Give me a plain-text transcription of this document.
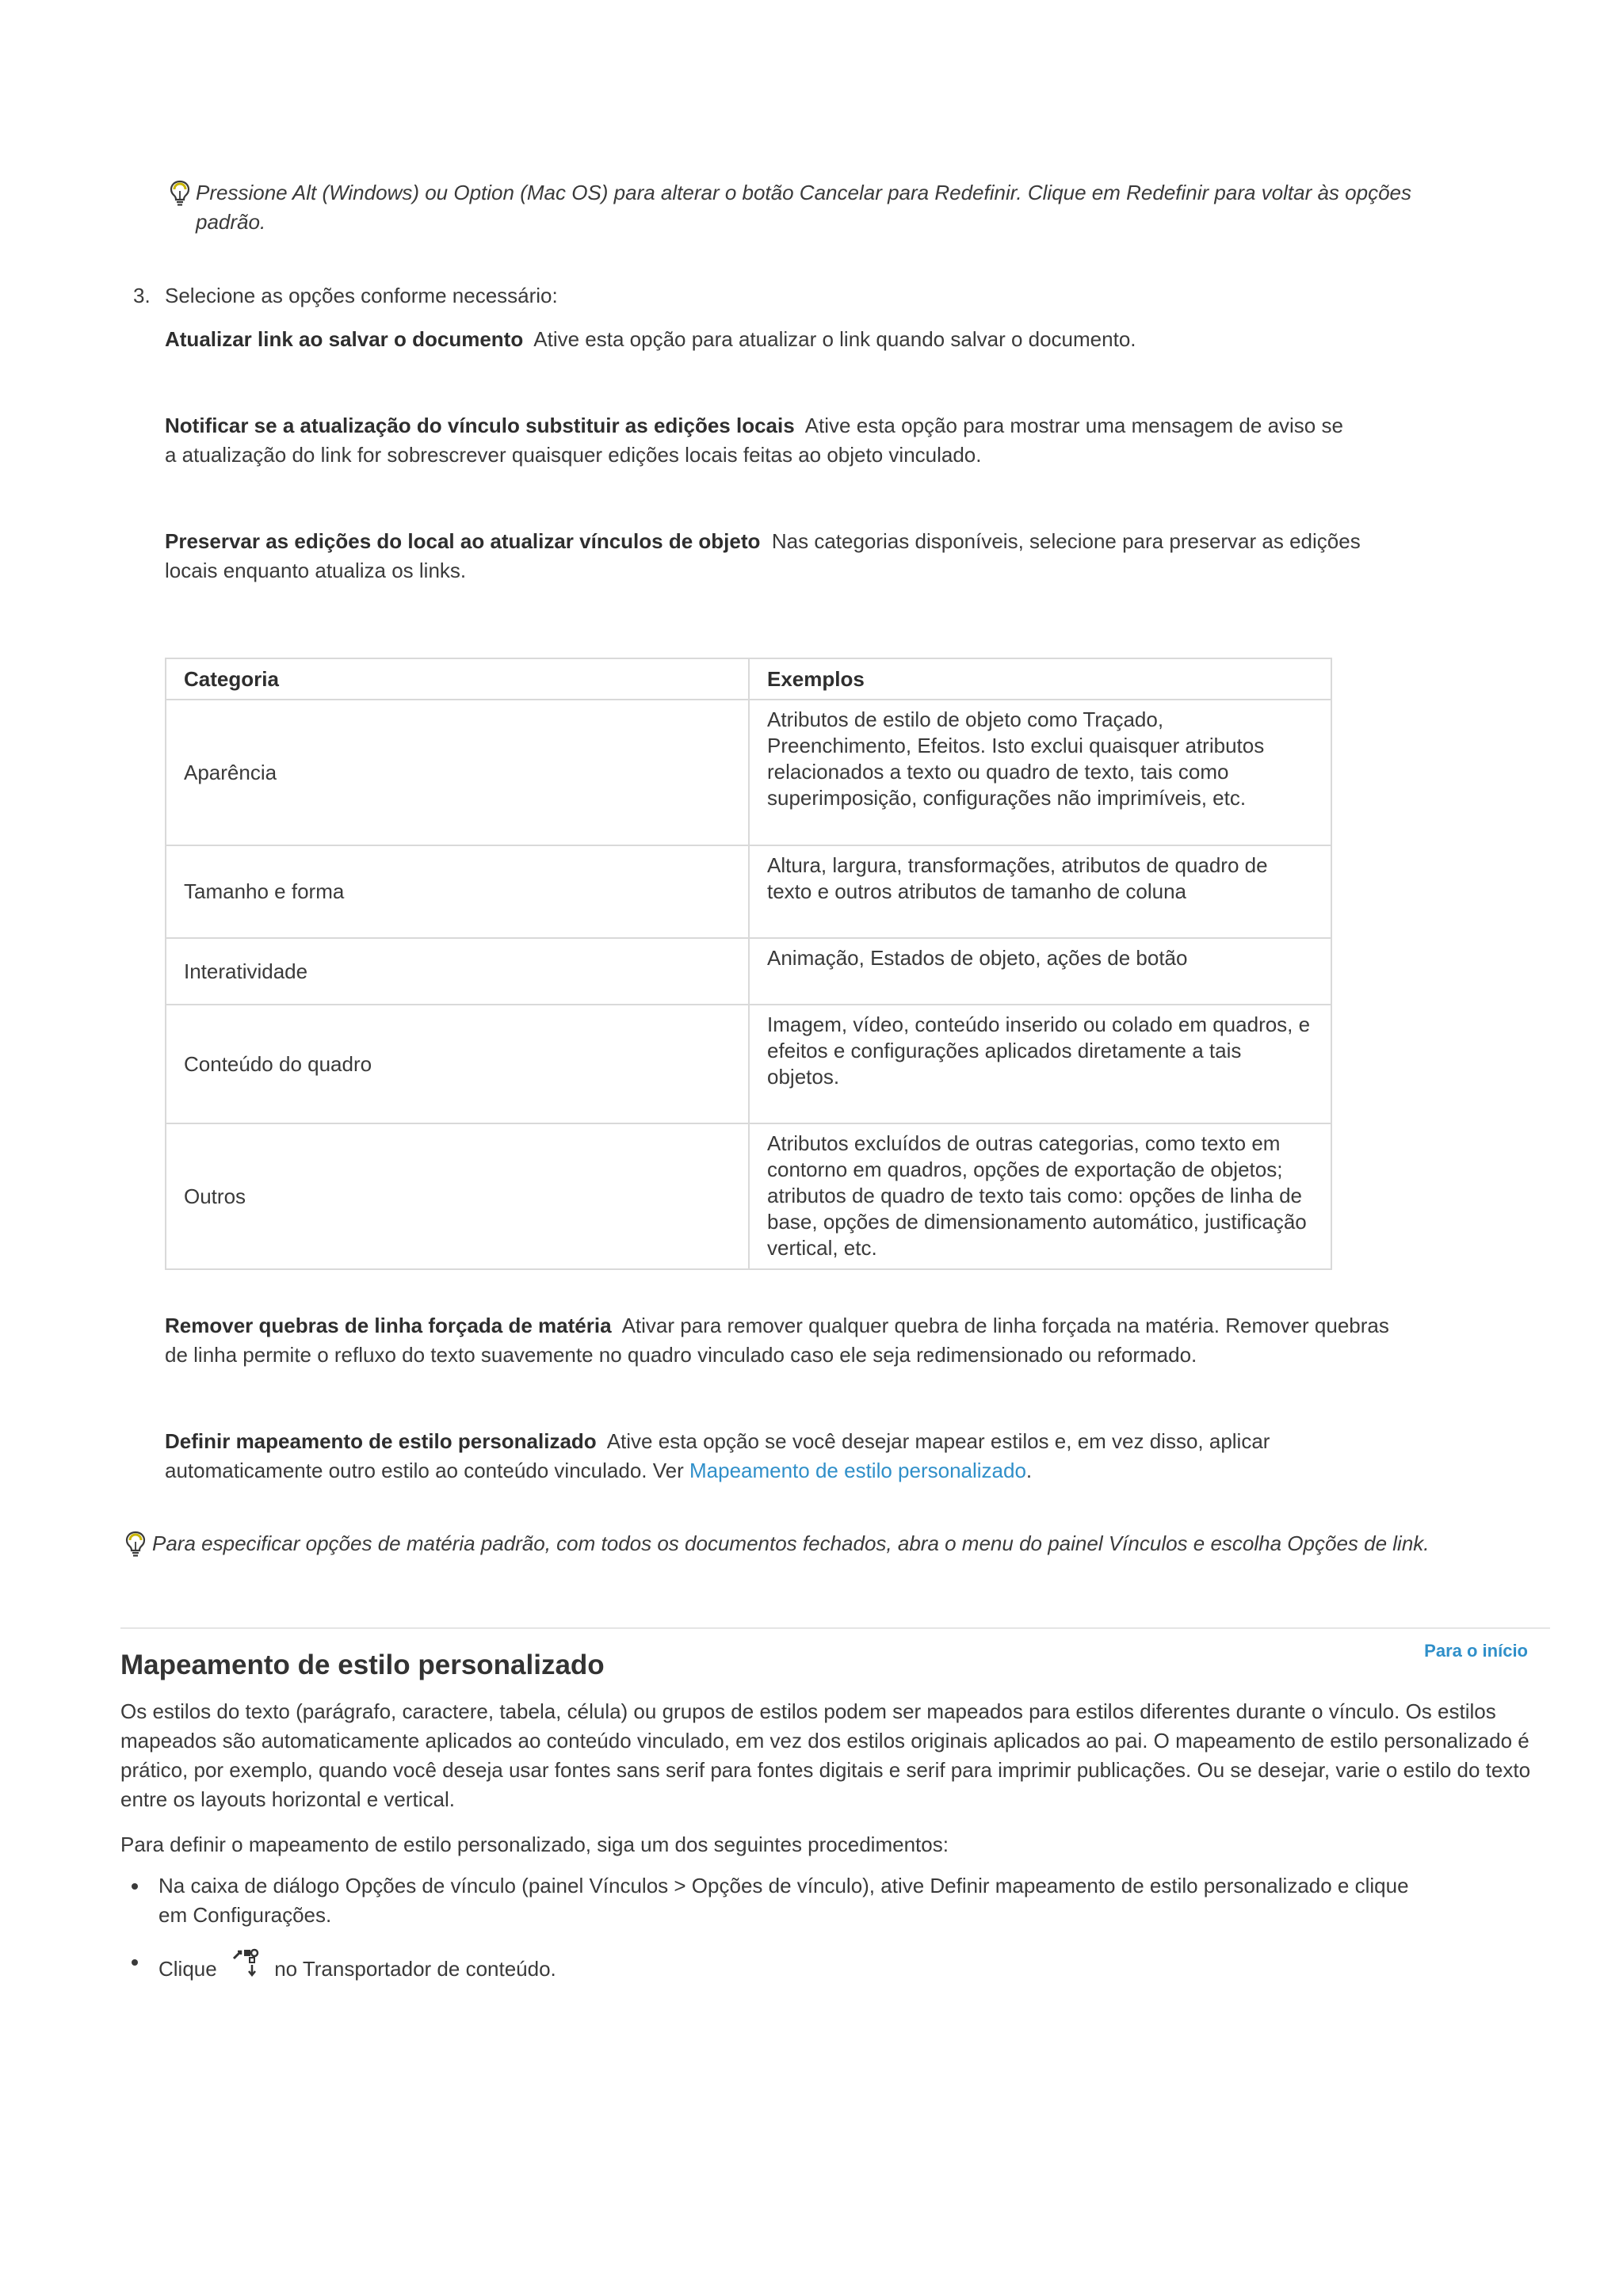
Pressione Alt (Windows) ou Option (Mac OS) para alterar o botão Cancelar para Redefinir. Clique em Redefinir para voltar às opções padrão.
3. Selecione as opções conforme necessário:
Atualizar link ao salvar o documento Ative esta opção para atualizar o link quando salvar o documento.
Notificar se a atualização do vínculo substituir as edições locais Ative esta opção para mostrar uma mensagem de aviso se a atualização do link for sobrescrever quaisquer edições locais feitas ao objeto vinculado.
Preservar as edições do local ao atualizar vínculos de objeto Nas categorias disponíveis, selecione para preservar as edições locais enquanto atualiza os links.
Categoria	Exemplos
Aparência	Atributos de estilo de objeto como Traçado, Preenchimento, Efeitos. Isto exclui quaisquer atributos relacionados a texto ou quadro de texto, tais como superimposição, configurações não imprimíveis, etc.
Tamanho e forma	Altura, largura, transformações, atributos de quadro de texto e outros atributos de tamanho de coluna
Interatividade	Animação, Estados de objeto, ações de botão
Conteúdo do quadro	Imagem, vídeo, conteúdo inserido ou colado em quadros, e efeitos e configurações aplicados diretamente a tais objetos.
Outros	Atributos excluídos de outras categorias, como texto em contorno em quadros, opções de exportação de objetos; atributos de quadro de texto tais como: opções de linha de base, opções de dimensionamento automático, justificação vertical, etc.
Remover quebras de linha forçada de matéria Ativar para remover qualquer quebra de linha forçada na matéria. Remover quebras de linha permite o refluxo do texto suavemente no quadro vinculado caso ele seja redimensionado ou reformado.
Definir mapeamento de estilo personalizado Ative esta opção se você desejar mapear estilos e, em vez disso, aplicar automaticamente outro estilo ao conteúdo vinculado. Ver Mapeamento de estilo personalizado.
Para especificar opções de matéria padrão, com todos os documentos fechados, abra o menu do painel Vínculos e escolha Opções de link.
Para o início
Mapeamento de estilo personalizado
Os estilos do texto (parágrafo, caractere, tabela, célula) ou grupos de estilos podem ser mapeados para estilos diferentes durante o vínculo. Os estilos mapeados são automaticamente aplicados ao conteúdo vinculado, em vez dos estilos originais aplicados ao pai. O mapeamento de estilo personalizado é prático, por exemplo, quando você deseja usar fontes sans serif para fontes digitais e serif para imprimir publicações. Ou se desejar, varie o estilo do texto entre os layouts horizontal e vertical.
Para definir o mapeamento de estilo personalizado, siga um dos seguintes procedimentos:
Na caixa de diálogo Opções de vínculo (painel Vínculos > Opções de vínculo), ative Definir mapeamento de estilo personalizado e clique em Configurações.
Clique	no Transportador de conteúdo.
